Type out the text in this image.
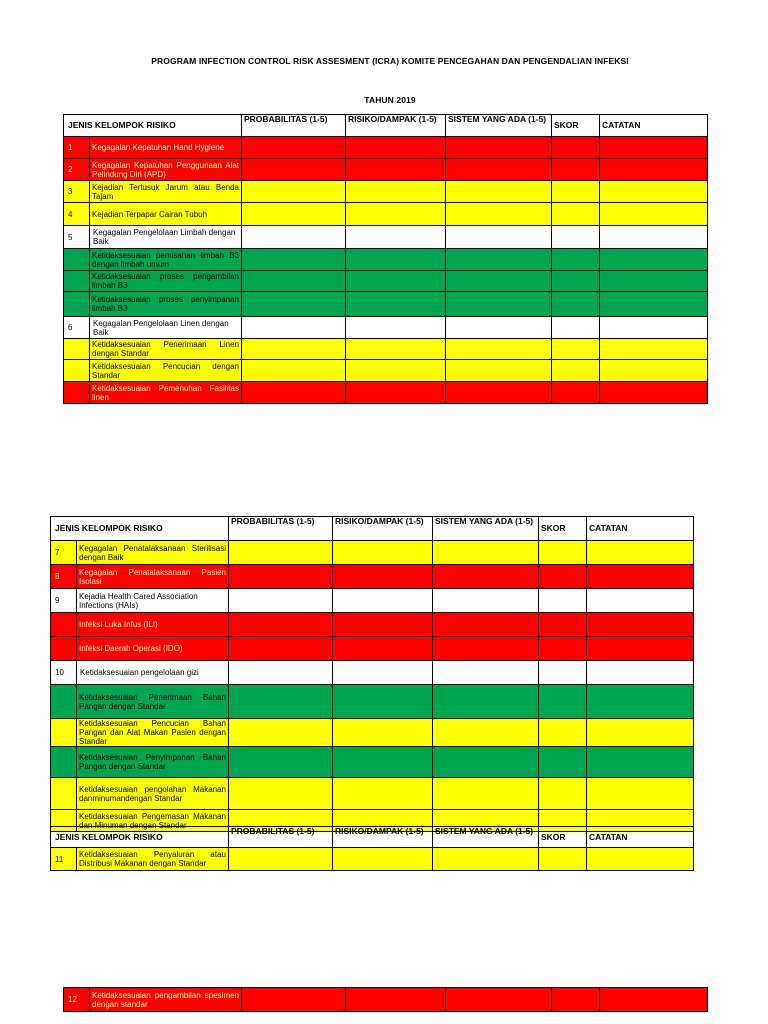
PROGRAM INFECTION CONTROL RISK ASSESMENT (ICRA) KOMITE PENCEGAHAN DAN PENGENDALIAN INFEKSI
TAHUN 2019
JENIS KELOMPOK RISIKO		PROBABILITAS (1-5)	RISIKO/DAMPAK (1-5)	SISTEM YANG ADA (1-5)	SKOR	CATATAN
1	Kegagalan Kepatuhan Hand Hygiene					
2	Kegagalan Kepatuhan Penggunaan Alat Pelindung Diri (APD)					
3	Kejadian Tertusuk Jarum atau Benda Tajam					
4	Kejadian Terpapar Cairan Tubuh					
5	Kegagalan Pengelolaan Limbah dengan Baik					
	Ketidaksesuaian pemisahan limbah B3 dengan limbah umum					
	Ketidaksesuaian proses pengambilan limbah B3					
	Ketidaksesuaian proses penyimpanan limbah B3					
6	Kegagalan Pengelolaan Linen dengan Baik					
	Ketidaksesuaian Penerimaan Linen dengan Standar					
	Ketidaksesuaian Pencucian dengan Standar					
	Ketidaksesuaian Pemenuhan Fasilitas linen					
JENIS KELOMPOK RISIKO		PROBABILITAS (1-5)	RISIKO/DAMPAK (1-5)	SISTEM YANG ADA (1-5)	SKOR	CATATAN
7	Kegagalan Penatalaksanaan Sterilisasi dengan Baik					
8	Kegagalan Penatalaksanaan Pasien Isolasi					
9	Kejadia Health Cared Association Infections (HAIs)					
	Infeksi Luka Infus (ILI)					
	Infeksi Daerah Operasi (IDO)					
10	Ketidaksesuaian pengelolaan gizi					
	Ketidaksesuaian Penerimaan Bahan Pangan dengan Standar					
	Ketidaksesuaian Pencucian Bahan Pangan dan Alat Makan Pasien dengan Standar					
	Ketidaksesuaian Penyimpanan Bahan Pangan dengan Standar					
	Ketidaksesuaian pengolahan Makanan danminumandengan Standar					
	Ketidaksesuaian Pengemasan Makanan dan Minuman dengan Standar					
JENIS KELOMPOK RISIKO		PROBABILITAS (1-5)	RISIKO/DAMPAK (1-5)	SISTEM YANG ADA (1-5)	SKOR	CATATAN
11	Ketidaksesuaian Penyaluran atau Distribusi Makanan dengan Standar					
12	Ketidaksesuaian pengambilan spesimen dengan standar					
